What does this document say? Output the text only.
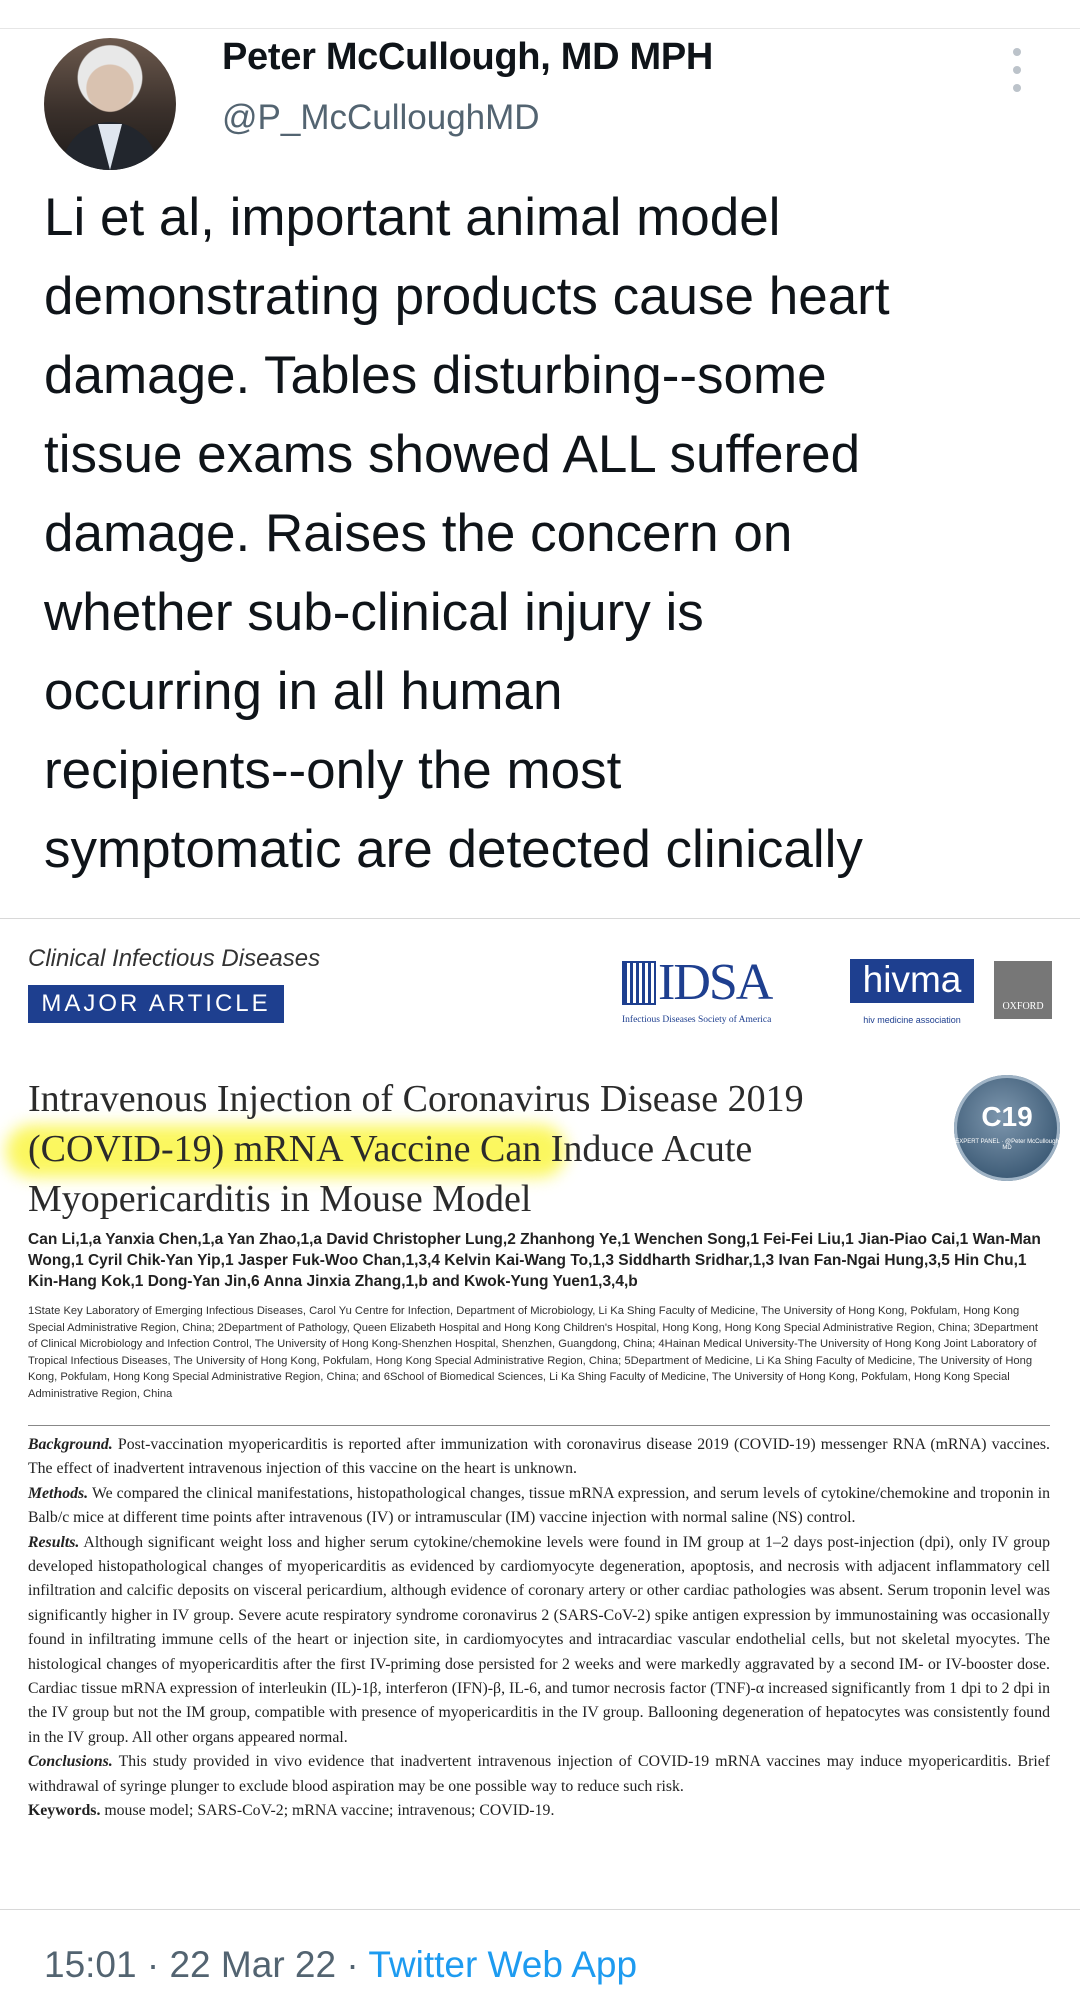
Peter McCullough, MD MPH
@P_McCulloughMD

Li et al, important animal model
demonstrating products cause heart
damage. Tables disturbing--some
tissue exams showed ALL suffered
damage. Raises the concern on
whether sub-clinical injury is
occurring in all human
recipients--only the most
symptomatic are detected clinically

Clinical Infectious Diseases
MAJOR ARTICLE	IDSA
Infectious Diseases Society of America
hivma
hiv medicine association
OXFORD

Intravenous Injection of Coronavirus Disease 2019 (COVID-19) mRNA Vaccine Can Induce Acute Myopericarditis in Mouse Model

C19
EXPERT PANEL · @Peter McCullough MD

Can Li,1,a Yanxia Chen,1,a Yan Zhao,1,a David Christopher Lung,2 Zhanhong Ye,1 Wenchen Song,1 Fei-Fei Liu,1 Jian-Piao Cai,1 Wan-Man Wong,1 Cyril Chik-Yan Yip,1 Jasper Fuk-Woo Chan,1,3,4 Kelvin Kai-Wang To,1,3 Siddharth Sridhar,1,3 Ivan Fan-Ngai Hung,3,5 Hin Chu,1 Kin-Hang Kok,1 Dong-Yan Jin,6 Anna Jinxia Zhang,1,b and Kwok-Yung Yuen1,3,4,b

1State Key Laboratory of Emerging Infectious Diseases, Carol Yu Centre for Infection, Department of Microbiology, Li Ka Shing Faculty of Medicine, The University of Hong Kong, Pokfulam, Hong Kong Special Administrative Region, China; 2Department of Pathology, Queen Elizabeth Hospital and Hong Kong Children's Hospital, Hong Kong, Hong Kong Special Administrative Region, China; 3Department of Clinical Microbiology and Infection Control, The University of Hong Kong-Shenzhen Hospital, Shenzhen, Guangdong, China; 4Hainan Medical University-The University of Hong Kong Joint Laboratory of Tropical Infectious Diseases, The University of Hong Kong, Pokfulam, Hong Kong Special Administrative Region, China; 5Department of Medicine, Li Ka Shing Faculty of Medicine, The University of Hong Kong, Pokfulam, Hong Kong Special Administrative Region, China; and 6School of Biomedical Sciences, Li Ka Shing Faculty of Medicine, The University of Hong Kong, Pokfulam, Hong Kong Special Administrative Region, China

Background. Post-vaccination myopericarditis is reported after immunization with coronavirus disease 2019 (COVID-19) messenger RNA (mRNA) vaccines. The effect of inadvertent intravenous injection of this vaccine on the heart is unknown.
Methods. We compared the clinical manifestations, histopathological changes, tissue mRNA expression, and serum levels of cytokine/chemokine and troponin in Balb/c mice at different time points after intravenous (IV) or intramuscular (IM) vaccine injection with normal saline (NS) control.
Results. Although significant weight loss and higher serum cytokine/chemokine levels were found in IM group at 1–2 days post-injection (dpi), only IV group developed histopathological changes of myopericarditis as evidenced by cardiomyocyte degeneration, apoptosis, and necrosis with adjacent inflammatory cell infiltration and calcific deposits on visceral pericardium, although evidence of coronary artery or other cardiac pathologies was absent. Serum troponin level was significantly higher in IV group. Severe acute respiratory syndrome coronavirus 2 (SARS-CoV-2) spike antigen expression by immunostaining was occasionally found in infiltrating immune cells of the heart or injection site, in cardiomyocytes and intracardiac vascular endothelial cells, but not skeletal myocytes. The histological changes of myopericarditis after the first IV-priming dose persisted for 2 weeks and were markedly aggravated by a second IM- or IV-booster dose. Cardiac tissue mRNA expression of interleukin (IL)-1β, interferon (IFN)-β, IL-6, and tumor necrosis factor (TNF)-α increased significantly from 1 dpi to 2 dpi in the IV group but not the IM group, compatible with presence of myopericarditis in the IV group. Ballooning degeneration of hepatocytes was consistently found in the IV group. All other organs appeared normal.
Conclusions. This study provided in vivo evidence that inadvertent intravenous injection of COVID-19 mRNA vaccines may induce myopericarditis. Brief withdrawal of syringe plunger to exclude blood aspiration may be one possible way to reduce such risk.
Keywords. mouse model; SARS-CoV-2; mRNA vaccine; intravenous; COVID-19.

15:01 · 22 Mar 22 · Twitter Web App
